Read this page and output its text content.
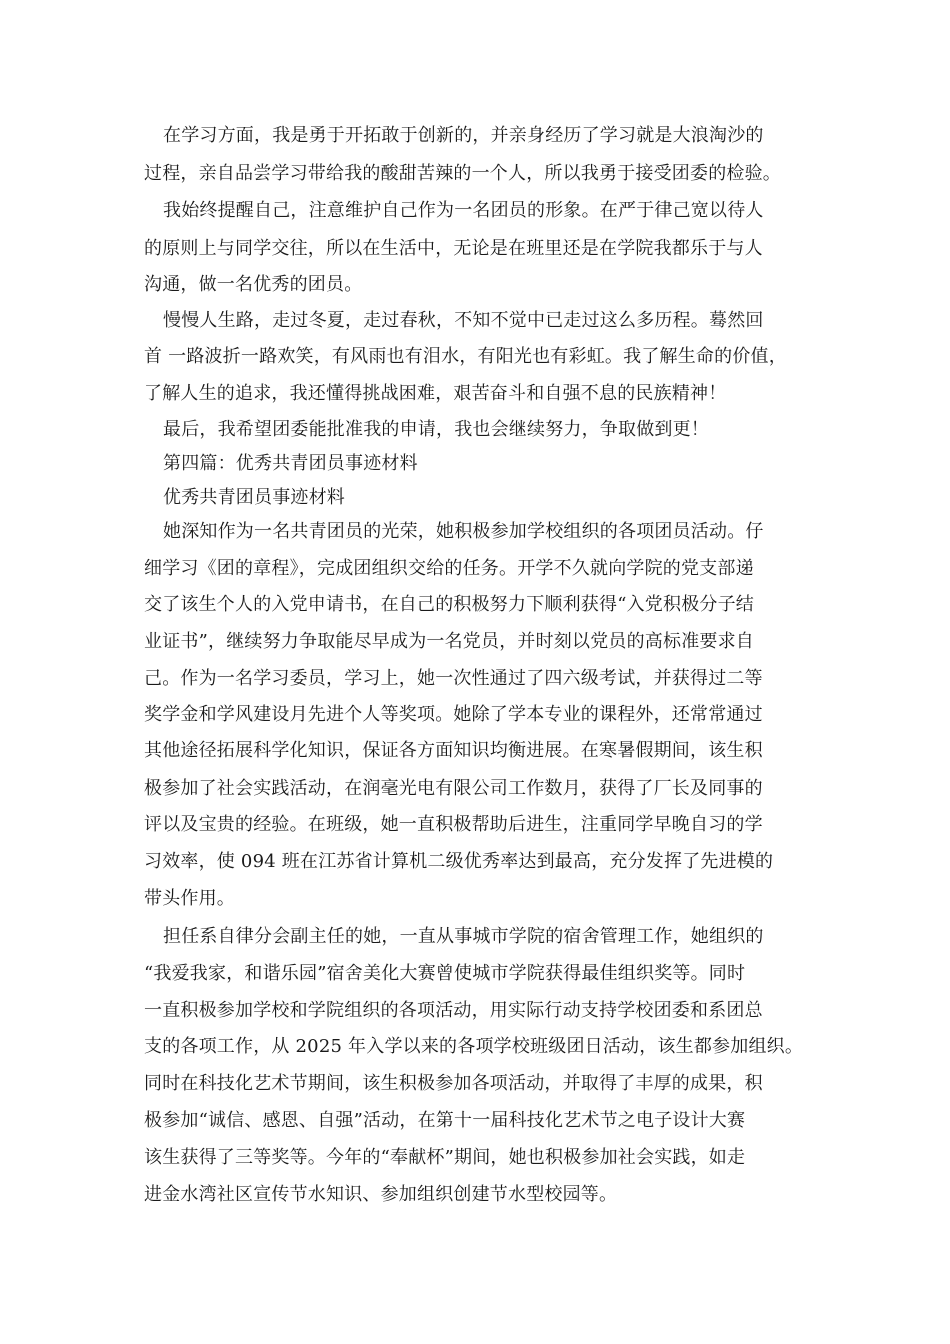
在学习方面，我是勇于开拓敢于创新的，并亲身经历了学习就是大浪淘沙的
过程，亲自品尝学习带给我的酸甜苦辣的一个人，所以我勇于接受团委的检验。
我始终提醒自己，注意维护自己作为一名团员的形象。在严于律己宽以待人
的原则上与同学交往，所以在生活中，无论是在班里还是在学院我都乐于与人
沟通，做一名优秀的团员。
慢慢人生路，走过冬夏，走过春秋，不知不觉中已走过这么多历程。蓦然回
首 一路波折一路欢笑，有风雨也有泪水，有阳光也有彩虹。我了解生命的价值，
了解人生的追求，我还懂得挑战困难，艰苦奋斗和自强不息的民族精神！
最后，我希望团委能批准我的申请，我也会继续努力，争取做到更！
第四篇：优秀共青团员事迹材料
优秀共青团员事迹材料
她深知作为一名共青团员的光荣，她积极参加学校组织的各项团员活动。仔
细学习《团的章程》，完成团组织交给的任务。开学不久就向学院的党支部递
交了该生个人的入党申请书，在自己的积极努力下顺利获得“入党积极分子结
业证书”，继续努力争取能尽早成为一名党员，并时刻以党员的高标准要求自
己。作为一名学习委员，学习上，她一次性通过了四六级考试，并获得过二等
奖学金和学风建设月先进个人等奖项。她除了学本专业的课程外，还常常通过
其他途径拓展科学化知识，保证各方面知识均衡进展。在寒暑假期间，该生积
极参加了社会实践活动，在润毫光电有限公司工作数月，获得了厂长及同事的
评以及宝贵的经验。在班级，她一直积极帮助后进生，注重同学早晚自习的学
习效率，使 094 班在江苏省计算机二级优秀率达到最高，充分发挥了先进模的
带头作用。
担任系自律分会副主任的她，一直从事城市学院的宿舍管理工作，她组织的
“我爱我家，和谐乐园”宿舍美化大赛曾使城市学院获得最佳组织奖等。同时
一直积极参加学校和学院组织的各项活动，用实际行动支持学校团委和系团总
支的各项工作，从 2025 年入学以来的各项学校班级团日活动，该生都参加组织。
同时在科技化艺术节期间，该生积极参加各项活动，并取得了丰厚的成果，积
极参加“诚信、感恩、自强”活动，在第十一届科技化艺术节之电子设计大赛
该生获得了三等奖等。今年的“奉献杯”期间，她也积极参加社会实践，如走
进金水湾社区宣传节水知识、参加组织创建节水型校园等。
